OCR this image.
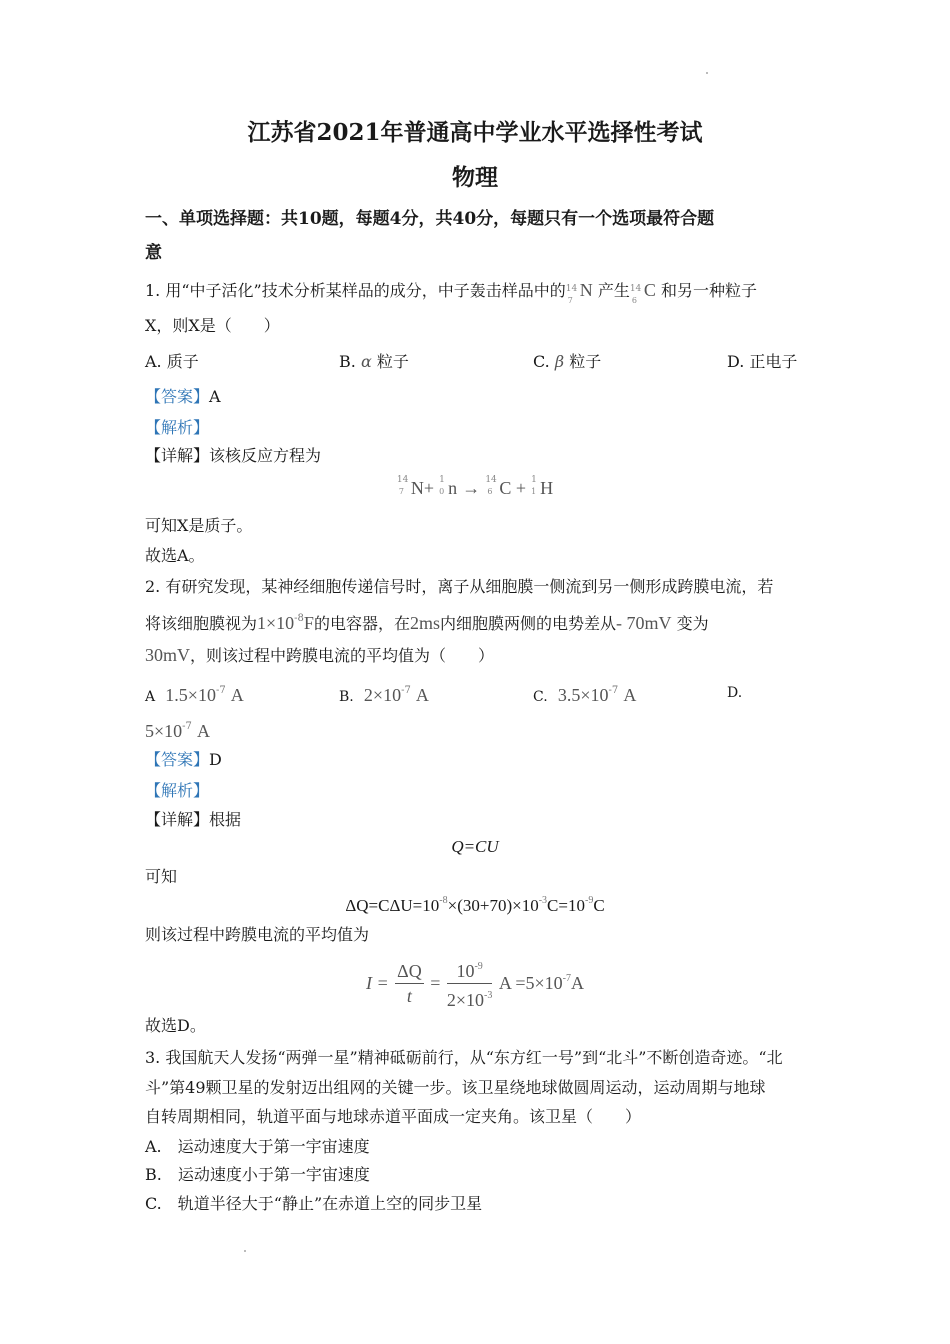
江苏省2021年普通高中学业水平选择性考试
物理
一、单项选择题：共10题，每题4分，共40分，每题只有一个选项最符合题
意
1. 用“中子活化”技术分析某样品的成分，中子轰击样品中的 14
7
N 产生 14
6
C 和另一种粒子
X，则X是（　　）
A. 质子	B. α 粒子	C. β 粒子	D. 正电子
【答案】A
【解析】
【详解】该核反应方程为
14
7 N+ 1
0 n → 14
6 C + 1
1 H
可知X是质子。
故选A。
2. 有研究发现，某神经细胞传递信号时，离子从细胞膜一侧流到另一侧形成跨膜电流，若
将该细胞膜视为$1\times 10^{-8}F$的电容器，在2ms内细胞膜两侧的电势差从- 70mV 变为
30mV，则该过程中跨膜电流的平均值为（　　）
A $1.5\times 10^{-7}$ A	B. $2\times 10^{-7}$ A	C. $3.5\times 10^{-7}$ A	D.
$5\times 10^{-7}$ A
【答案】D
【解析】
【详解】根据
Q=CU
可知
$\Delta Q=C\Delta U=10^{-8}\times(30+70)\times 10^{-3}C=10^{-9}C$
则该过程中跨膜电流的平均值为
$I = \frac{\Delta Q}{t} = \frac{10^{-9}}{2\times 10^{-3}}$ $A =5\times 10^{-7}A$
故选D。
3. 我国航天人发扬“两弹一星”精神砥砺前行，从“东方红一号”到“北斗”不断创造奇迹。“北
斗”第49颗卫星的发射迈出组网的关键一步。该卫星绕地球做圆周运动，运动周期与地球
自转周期相同，轨道平面与地球赤道平面成一定夹角。该卫星（　　）
A.　运动速度大于第一宇宙速度
B.　运动速度小于第一宇宙速度
C.　轨道半径大于“静止”在赤道上空的同步卫星
